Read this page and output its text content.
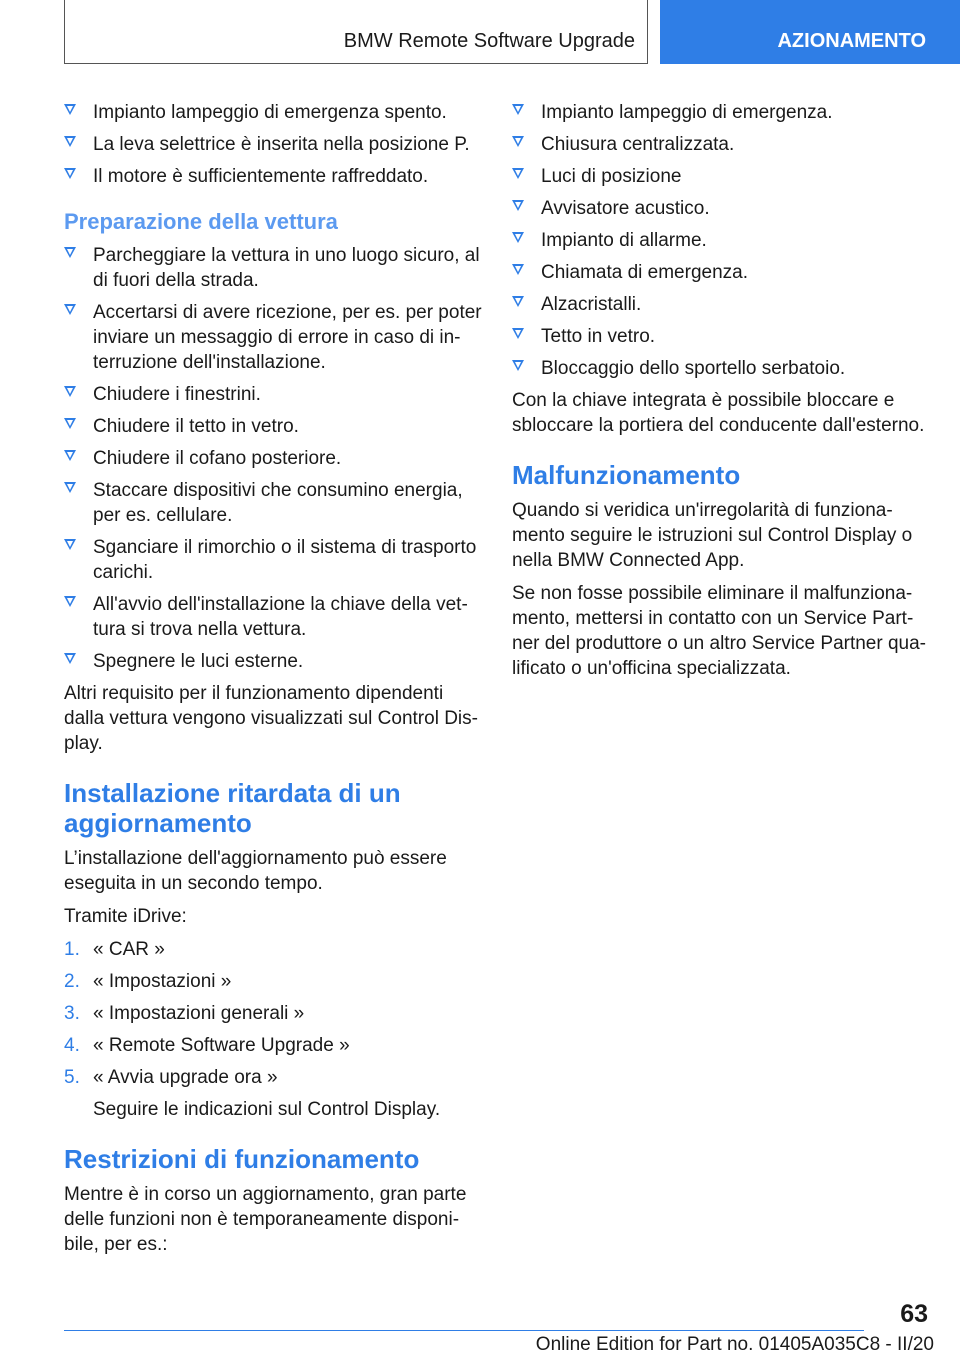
BMW Remote Software Upgrade	AZIONAMENTO
Impianto lampeggio di emergenza spento.
La leva selettrice è inserita nella posizione P.
Il motore è sufficientemente raffreddato.
Preparazione della vettura
Parcheggiare la vettura in uno luogo sicuro, al
di fuori della strada.
Accertarsi di avere ricezione, per es. per poter
inviare un messaggio di errore in caso di in-
terruzione dell'installazione.
Chiudere i finestrini.
Chiudere il tetto in vetro.
Chiudere il cofano posteriore.
Staccare dispositivi che consumino energia,
per es. cellulare.
Sganciare il rimorchio o il sistema di trasporto
carichi.
All'avvio dell'installazione la chiave della vet-
tura si trova nella vettura.
Spegnere le luci esterne.

Altri requisito per il funzionamento dipendenti
dalla vettura vengono visualizzati sul Control Dis-
play.

Installazione ritardata di un
aggiornamento

L’installazione dell'aggiornamento può essere
eseguita in un secondo tempo.

Tramite iDrive:

1. « CAR »
2. « Impostazioni »
3. « Impostazioni generali »
4. « Remote Software Upgrade »
5. « Avvia upgrade ora »
Seguire le indicazioni sul Control Display.
Restrizioni di funzionamento

Mentre è in corso un aggiornamento, gran parte
delle funzioni non è temporaneamente disponi-
bile, per es.:

Impianto lampeggio di emergenza.
Chiusura centralizzata.
Luci di posizione
Avvisatore acustico.
Impianto di allarme.
Chiamata di emergenza.
Alzacristalli.
Tetto in vetro.
Bloccaggio dello sportello serbatoio.

Con la chiave integrata è possibile bloccare e
sbloccare la portiera del conducente dall'esterno.

Malfunzionamento

Quando si veridica un'irregolarità di funziona-
mento seguire le istruzioni sul Control Display o
nella BMW Connected App.

Se non fosse possibile eliminare il malfunziona-
mento, mettersi in contatto con un Service Part-
ner del produttore o un altro Service Partner qua-
lificato o un'officina specializzata.

63
Online Edition for Part no. 01405A035C8 - II/20
